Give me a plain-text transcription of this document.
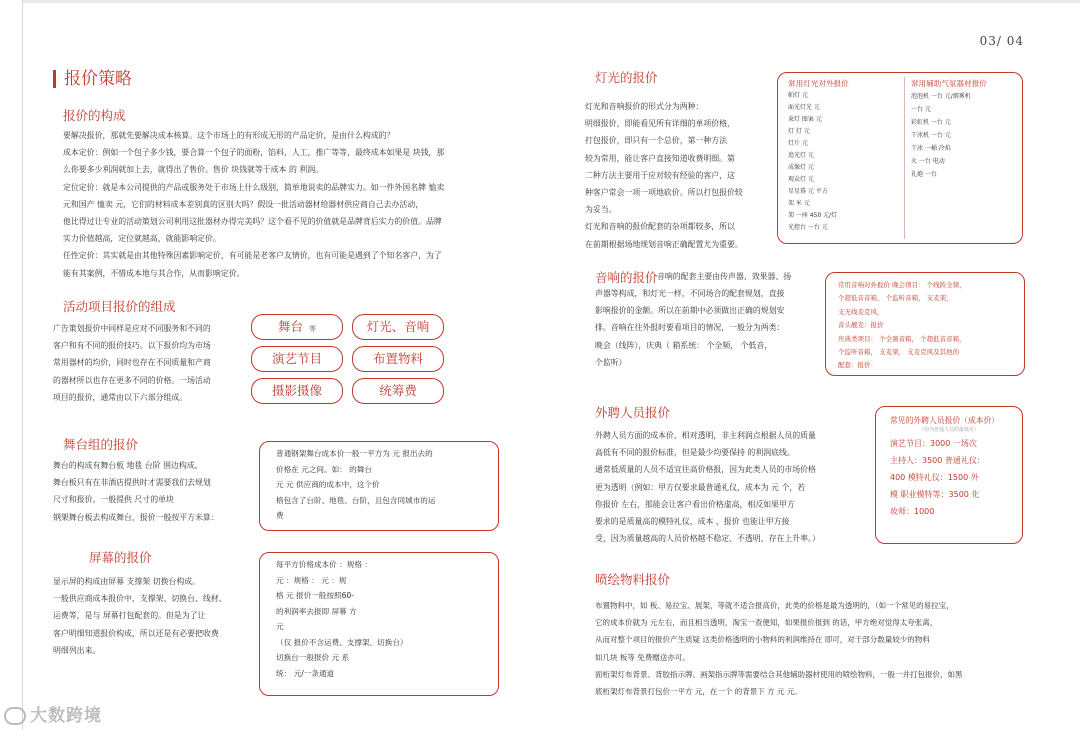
03/ 04
报价策略
报价的构成
要解决报价，那就先要解决成本核算。这个市场上的有形成无形的产品定价，是由什么构成的？
成本定价：例如一个包子多少钱，要合算一个包子的面粉，馅料，人工，推广等等，最终成本如果是 块钱，那
么你要多少利润就加上去，就得出了售价。售价 块钱就等于成本 的 利润。
定位定价：就是本公司提供的产品或服务处于市场上什么级别，简单地说卖的品牌实力。如一件外国名牌 恤卖
元和国产 恤卖 元，它们的材料成本差别真的区别大吗？假设一批活动器材给器材供应商自己去办活动，
他比得过让专业的活动策划公司利用这批器材办得完美吗？这个看不见的价值就是品牌背后实力的价值。品牌
实力价值越高，定位就越高，就能影响定价。
任性定价：其实就是由其他特殊因素影响定价，有可能是老客户友情价，也有可能是遇到了个知名客户，为了
能有其案例，不惜成本地与其合作，从而影响定价。
活动项目报价的组成
广告策划报价中同样是应对不同服务和不同的
客户和有不同的报价技巧。以下报价均为市场
常用器材的均价，同时也存在不同质量和产商
的器材所以也存在更多不同的价格。一场活动
项目的报价，通常由以下六部分组成。
舞台 等	灯光、音响
演艺节目	布置物料
摄影摄像	统筹费
舞台组的报价
舞台的构成有舞台板 地毯 台阶 围边构成。
舞台板只有在非酒店提供时才需要我们去规划
尺寸和报价。一般提供 尺寸的单块
钢架舞台板去构成舞台，报价一般按平方米算：
普通钢架舞台成本价一般一平方为 元 报出去的
价格在 元之间。如： 的舞台
元 元 供应商的成本中，这个价
格包含了台阶、地毯、台阶，且包含同城市的运
费
屏幕的报价
显示屏的构成由屏幕 支撑架 切换台构成。
一般供应商成本报价中，支撑架、切换台、线材、
运费等，是与 屏幕打包配套的。但是为了让
客户明细知道报价构成，所以还是有必要把收费
明细列出来。
每平方价格成本价 ：规格 ：
元 ：规格 ： 元 ：规
格 元 报价一般按照60-
的利润率去报即 屏幕 方
元
（仅 报价不含运费、支撑架、切换台）
切换台一般报价 元 系
统： 元/一条通道
灯光的报价
灯光和音响报价的形式分为两种：
明细报价，即能看见所有详细的单项价格，
打包报价，即只有一个总价，第一种方法
较为常用，能让客户直接知道收费明细。第
二种方法主要用于应对较有经验的客户，这
种客户常会一项一项地砍价。所以打包报价较
为妥当。
灯光和音响的报价配套的杂项都较多，所以
在前期根据场地规划音响正确配置尤为重要。
常用灯光对外报价
帕灯 元
面光灯光 元
束灯 图案 元
灯 灯 元
灯片 元
追光灯 元
成像灯 元
观众灯 元
星星幕 元 平方
架 米 元
架 一座 450 元/灯
光控台 一台 元
常用辅助气氛器材报价
泡泡机 一台 元/烟雾机
一台 元
彩虹机 一台 元
干冰机 一台 元
干冰 一桶 冷焰
火 一台 电动
礼炮 一台
音响的报价 音响的配套主要由传声器、效果器、扬
声器等构成，和灯光一样，不同场合的配套规划，直接
影响报价的金额。所以在前期中必须做出正确的规划安
排。音响在往外报时要看项目的情况，一般分为两类：
晚会（线阵），庆典（ 箱系统： 个全频， 个低音，
个监听）
常用音响对外报价 晚会项目： 个线阵全频，
个超低音音箱， 个监听音箱， 支麦架，
支无线麦克风，
音头靓麦：报价
庆典类项目： 个全频音箱， 个超低音音箱，
个监听音箱， 支麦架， 支麦克风及其他的
配套：报价：
外聘人员报价
外聘人员方面的成本价，相对透明，非主利润点根据人员的质量
高低有不同的报价标准，但是最少均要保持 的利润底线。
通常低质量的人员不适宜往高价格报，因为此类人员的市场价格
更为透明（例如：甲方仅要求最普通礼仪，成本为 元 个，若
你报价 左右，那能会让客户看出价格虚高，相反如果甲方
要求的是质量高的模特礼仪，成本 ，报价 也能让甲方接
受，因为质量越高的人员价格越不稳定、不透明，存在上升率。）
常见的外聘人员报价（成本价）
（均为普通人员的最低价）
演艺节目：3000 一场次
主持人：3500 普通礼仪：
400 模特礼仪：1500 外
模 职业模特等：3500 化
妆师：1000
喷绘物料报价
布置物料中，如 板、易拉宝、展架、等就不适合报高价，此类的价格是最为透明的，（如一个常见的易拉宝，
它的成本价就为 元左右，而且相当透明，淘宝一查便知，如果报价报到 的话，甲方绝对觉得太夸张离，
从而对整个项目的报价产生质疑 这类价格透明的小物料的利润维持在 即可，对于部分数量较少的物料
如几块 板等 免费赠送亦可。
面桁架灯布背景、背胶指示牌、画架指示牌等需要结合其他辅助器材使用的喷绘物料，一般一并打包报价，如黑
底桁架灯布背景打包价一平方 元，在一个 的背景下 方 元 元。
大数跨境
